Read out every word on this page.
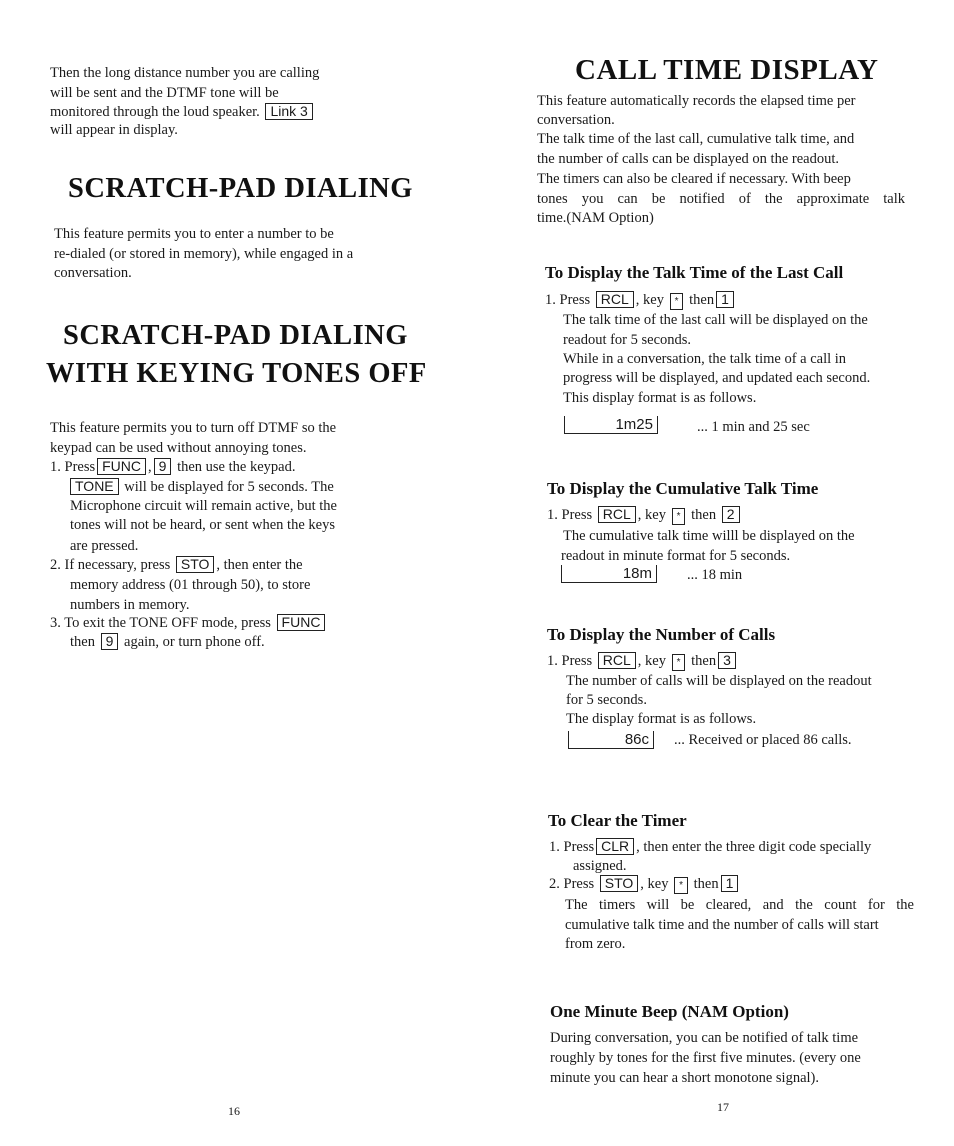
Then the long distance number you are calling
will be sent and the DTMF tone will be
monitored through the loud speaker. Link 3
will appear in display.
SCRATCH-PAD DIALING
This feature permits you to enter a number to be
re-dialed (or stored in memory), while engaged in a
conversation.
SCRATCH-PAD DIALING
WITH KEYING TONES OFF
This feature permits you to turn off DTMF so the
keypad can be used without annoying tones.
1. Press FUNC , 9 then use the keypad.
TONE will be displayed for 5 seconds. The
Microphone circuit will remain active, but the
tones will not be heard, or sent when the keys
are pressed.
2. If necessary, press STO , then enter the
memory address (01 through 50), to store
numbers in memory.
3. To exit the TONE OFF mode, press FUNC
then 9 again, or turn phone off.
16
CALL TIME DISPLAY
This feature automatically records the elapsed time per
conversation.
The talk time of the last call, cumulative talk time, and
the number of calls can be displayed on the readout.
The timers can also be cleared if necessary. With beep
tones you can be notified of the approximate talk
time.(NAM Option)
To Display the Talk Time of the Last Call
1. Press RCL , key * then 1
The talk time of the last call will be displayed on the
readout for 5 seconds.
While in a conversation, the talk time of a call in
progress will be displayed, and updated each second.
This display format is as follows.
1m25	... 1 min and 25 sec
To Display the Cumulative Talk Time
1. Press RCL , key * then 2
The cumulative talk time willl be displayed on the
readout in minute format for 5 seconds.
18m	... 18 min
To Display the Number of Calls
1. Press RCL , key * then 3
The number of calls will be displayed on the readout
for 5 seconds.
The display format is as follows.
86c	... Received or placed 86 calls.
To Clear the Timer
1. Press CLR , then enter the three digit code specially
assigned.
2. Press STO , key * then 1
The timers will be cleared, and the count for the
cumulative talk time and the number of calls will start
from zero.
One Minute Beep (NAM Option)
During conversation, you can be notified of talk time
roughly by tones for the first five minutes. (every one
minute you can hear a short monotone signal).
17
